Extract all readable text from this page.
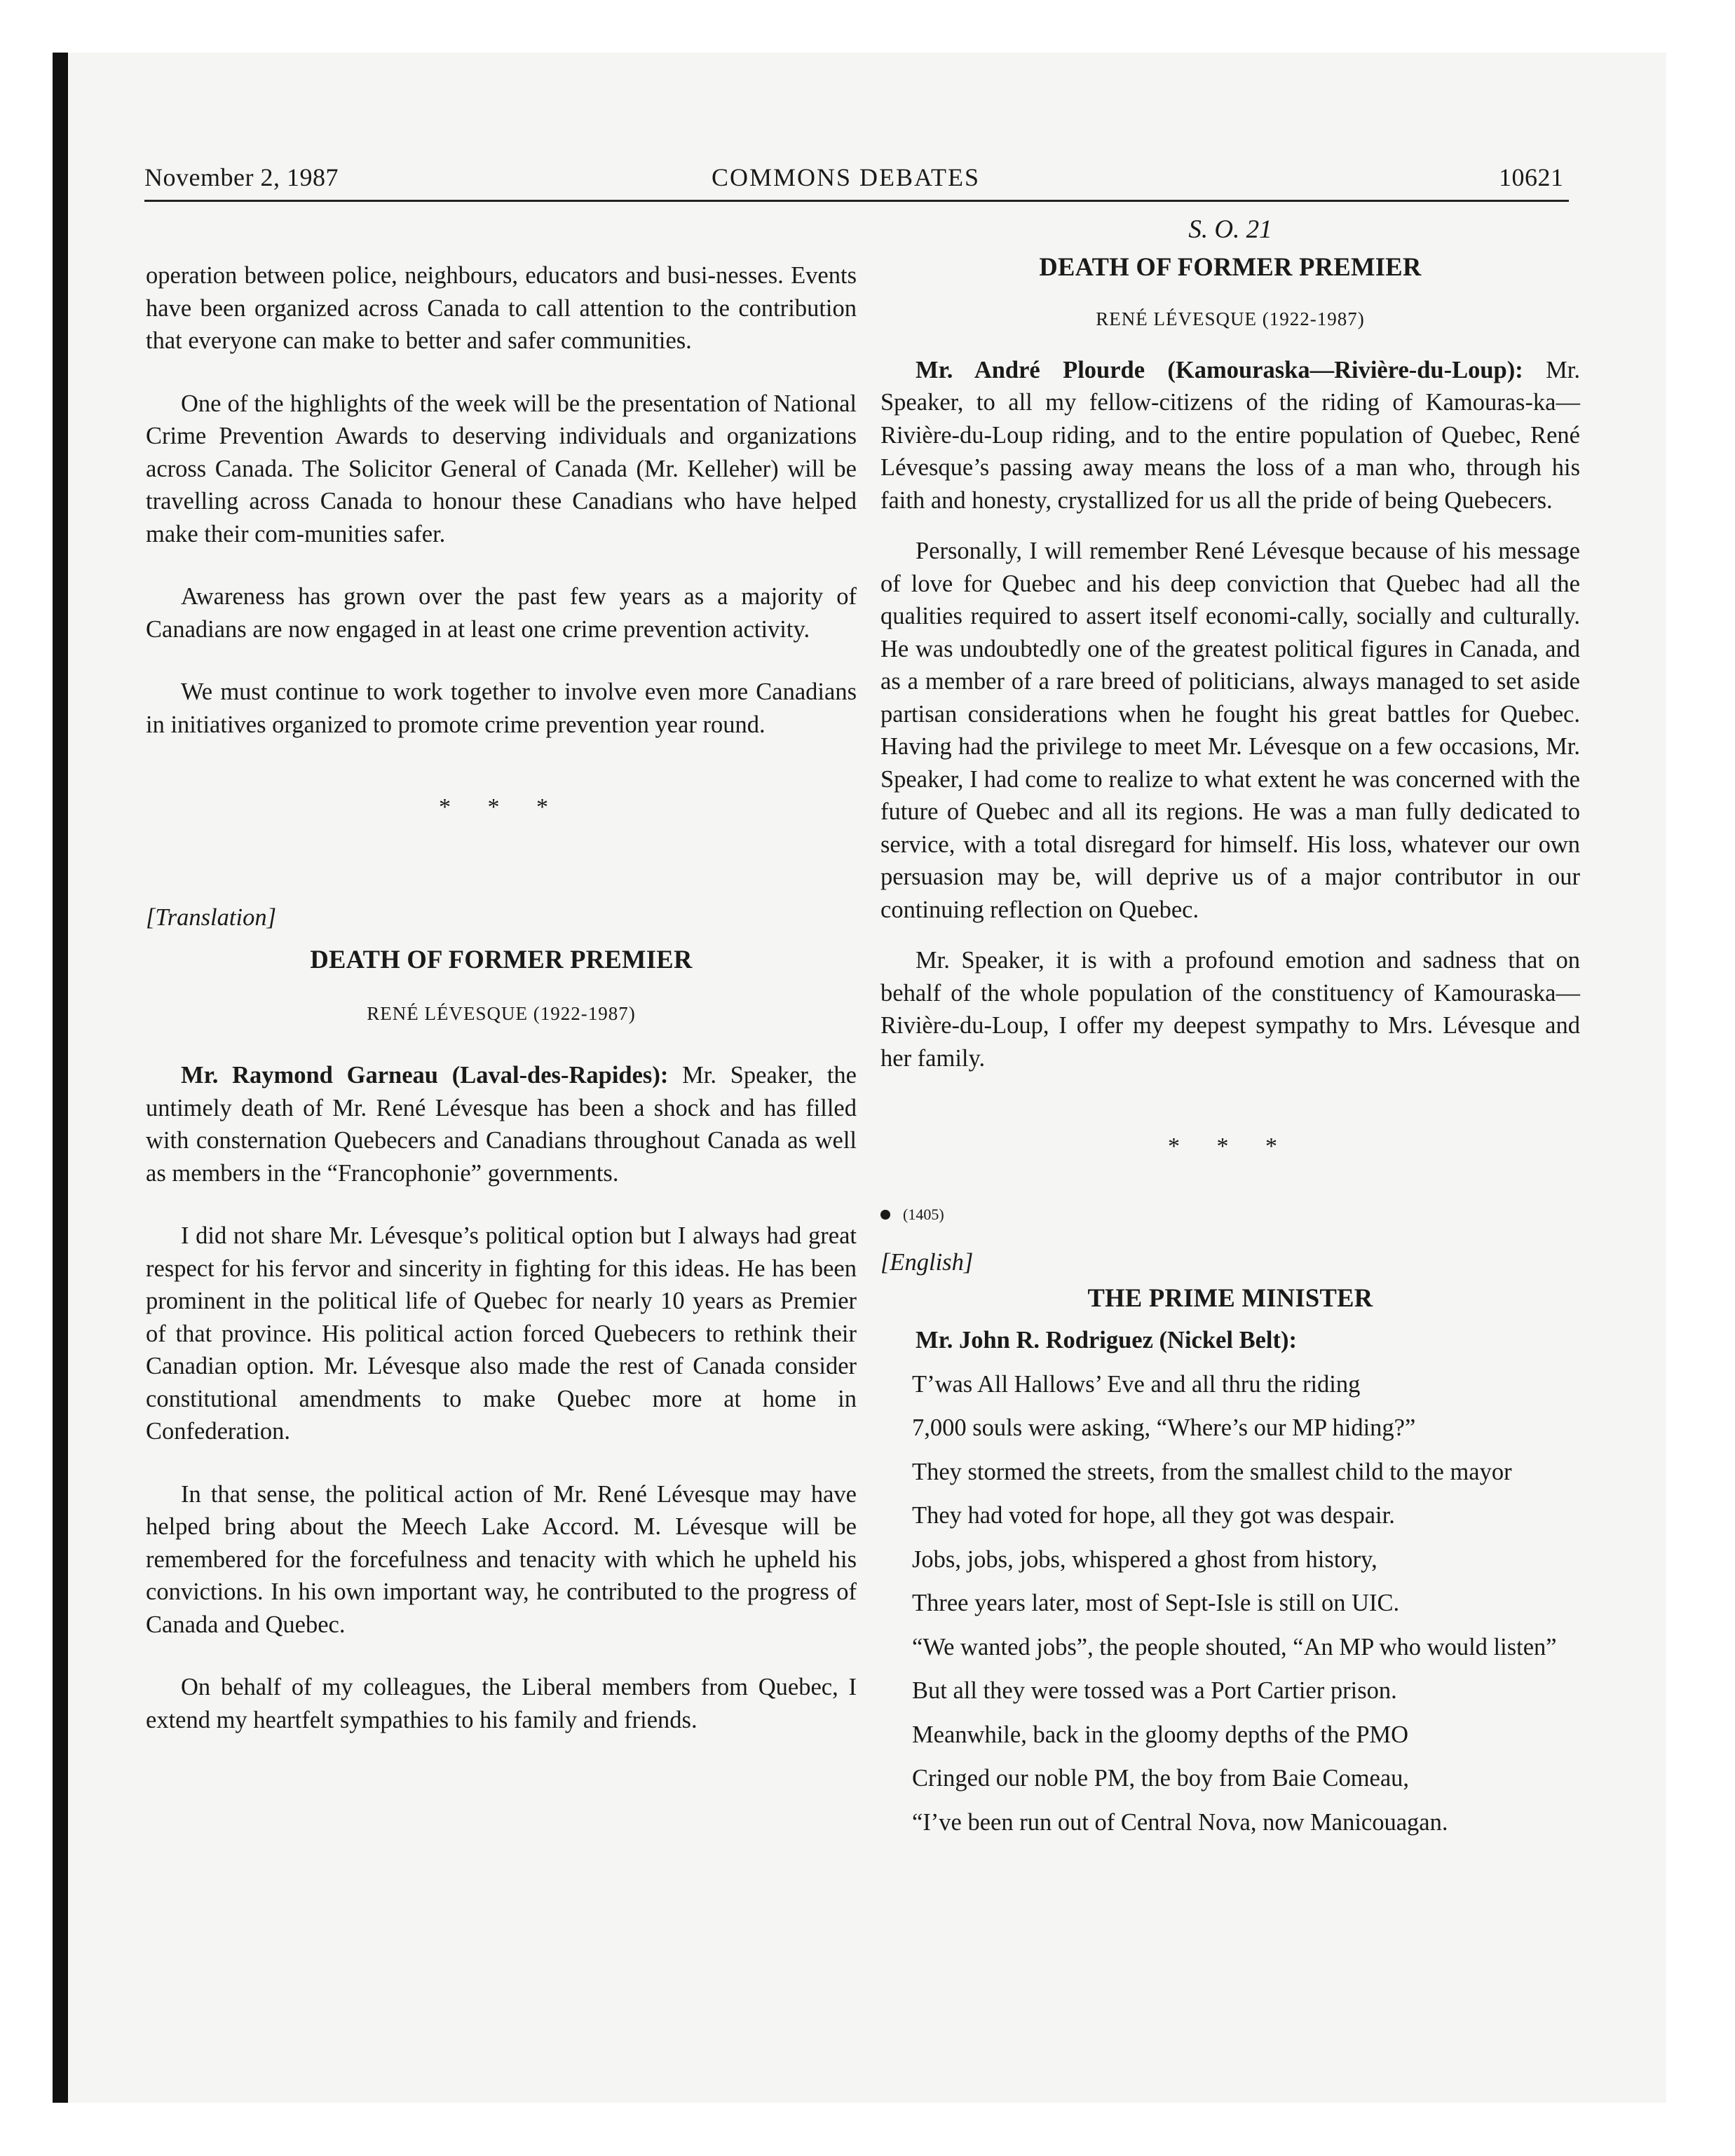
November 2, 1987	COMMONS DEBATES	10621

operation between police, neighbours, educators and busi-nesses. Events have been organized across Canada to call attention to the contribution that everyone can make to better and safer communities.

One of the highlights of the week will be the presentation of National Crime Prevention Awards to deserving individuals and organizations across Canada. The Solicitor General of Canada (Mr. Kelleher) will be travelling across Canada to honour these Canadians who have helped make their com-munities safer.

Awareness has grown over the past few years as a majority of Canadians are now engaged in at least one crime prevention activity.

We must continue to work together to involve even more Canadians in initiatives organized to promote crime prevention year round.

* * *

[Translation]

DEATH OF FORMER PREMIER

RENÉ LÉVESQUE (1922-1987)

Mr. Raymond Garneau (Laval-des-Rapides): Mr. Speaker, the untimely death of Mr. René Lévesque has been a shock and has filled with consternation Quebecers and Canadians throughout Canada as well as members in the “Francophonie” governments.

I did not share Mr. Lévesque’s political option but I always had great respect for his fervor and sincerity in fighting for this ideas. He has been prominent in the political life of Quebec for nearly 10 years as Premier of that province. His political action forced Quebecers to rethink their Canadian option. Mr. Lévesque also made the rest of Canada consider constitutional amendments to make Quebec more at home in Confederation.

In that sense, the political action of Mr. René Lévesque may have helped bring about the Meech Lake Accord. M. Lévesque will be remembered for the forcefulness and tenacity with which he upheld his convictions. In his own important way, he contributed to the progress of Canada and Quebec.

On behalf of my colleagues, the Liberal members from Quebec, I extend my heartfelt sympathies to his family and friends.

S. O. 21

DEATH OF FORMER PREMIER

RENÉ LÉVESQUE (1922-1987)

Mr. André Plourde (Kamouraska—Rivière-du-Loup): Mr. Speaker, to all my fellow-citizens of the riding of Kamouras-ka—Rivière-du-Loup riding, and to the entire population of Quebec, René Lévesque’s passing away means the loss of a man who, through his faith and honesty, crystallized for us all the pride of being Quebecers.

Personally, I will remember René Lévesque because of his message of love for Quebec and his deep conviction that Quebec had all the qualities required to assert itself economi-cally, socially and culturally. He was undoubtedly one of the greatest political figures in Canada, and as a member of a rare breed of politicians, always managed to set aside partisan considerations when he fought his great battles for Quebec. Having had the privilege to meet Mr. Lévesque on a few occasions, Mr. Speaker, I had come to realize to what extent he was concerned with the future of Quebec and all its regions. He was a man fully dedicated to service, with a total disregard for himself. His loss, whatever our own persuasion may be, will deprive us of a major contributor in our continuing reflection on Quebec.

Mr. Speaker, it is with a profound emotion and sadness that on behalf of the whole population of the constituency of Kamouraska—Rivière-du-Loup, I offer my deepest sympathy to Mrs. Lévesque and her family.

* * *

(1405)

[English]

THE PRIME MINISTER

Mr. John R. Rodriguez (Nickel Belt):

T’was All Hallows’ Eve and all thru the riding

7,000 souls were asking, “Where’s our MP hiding?”

They stormed the streets, from the smallest child to the mayor

They had voted for hope, all they got was despair.

Jobs, jobs, jobs, whispered a ghost from history,

Three years later, most of Sept-Isle is still on UIC.

“We wanted jobs”, the people shouted, “An MP who would listen”

But all they were tossed was a Port Cartier prison.

Meanwhile, back in the gloomy depths of the PMO

Cringed our noble PM, the boy from Baie Comeau,

“I’ve been run out of Central Nova, now Manicouagan.
